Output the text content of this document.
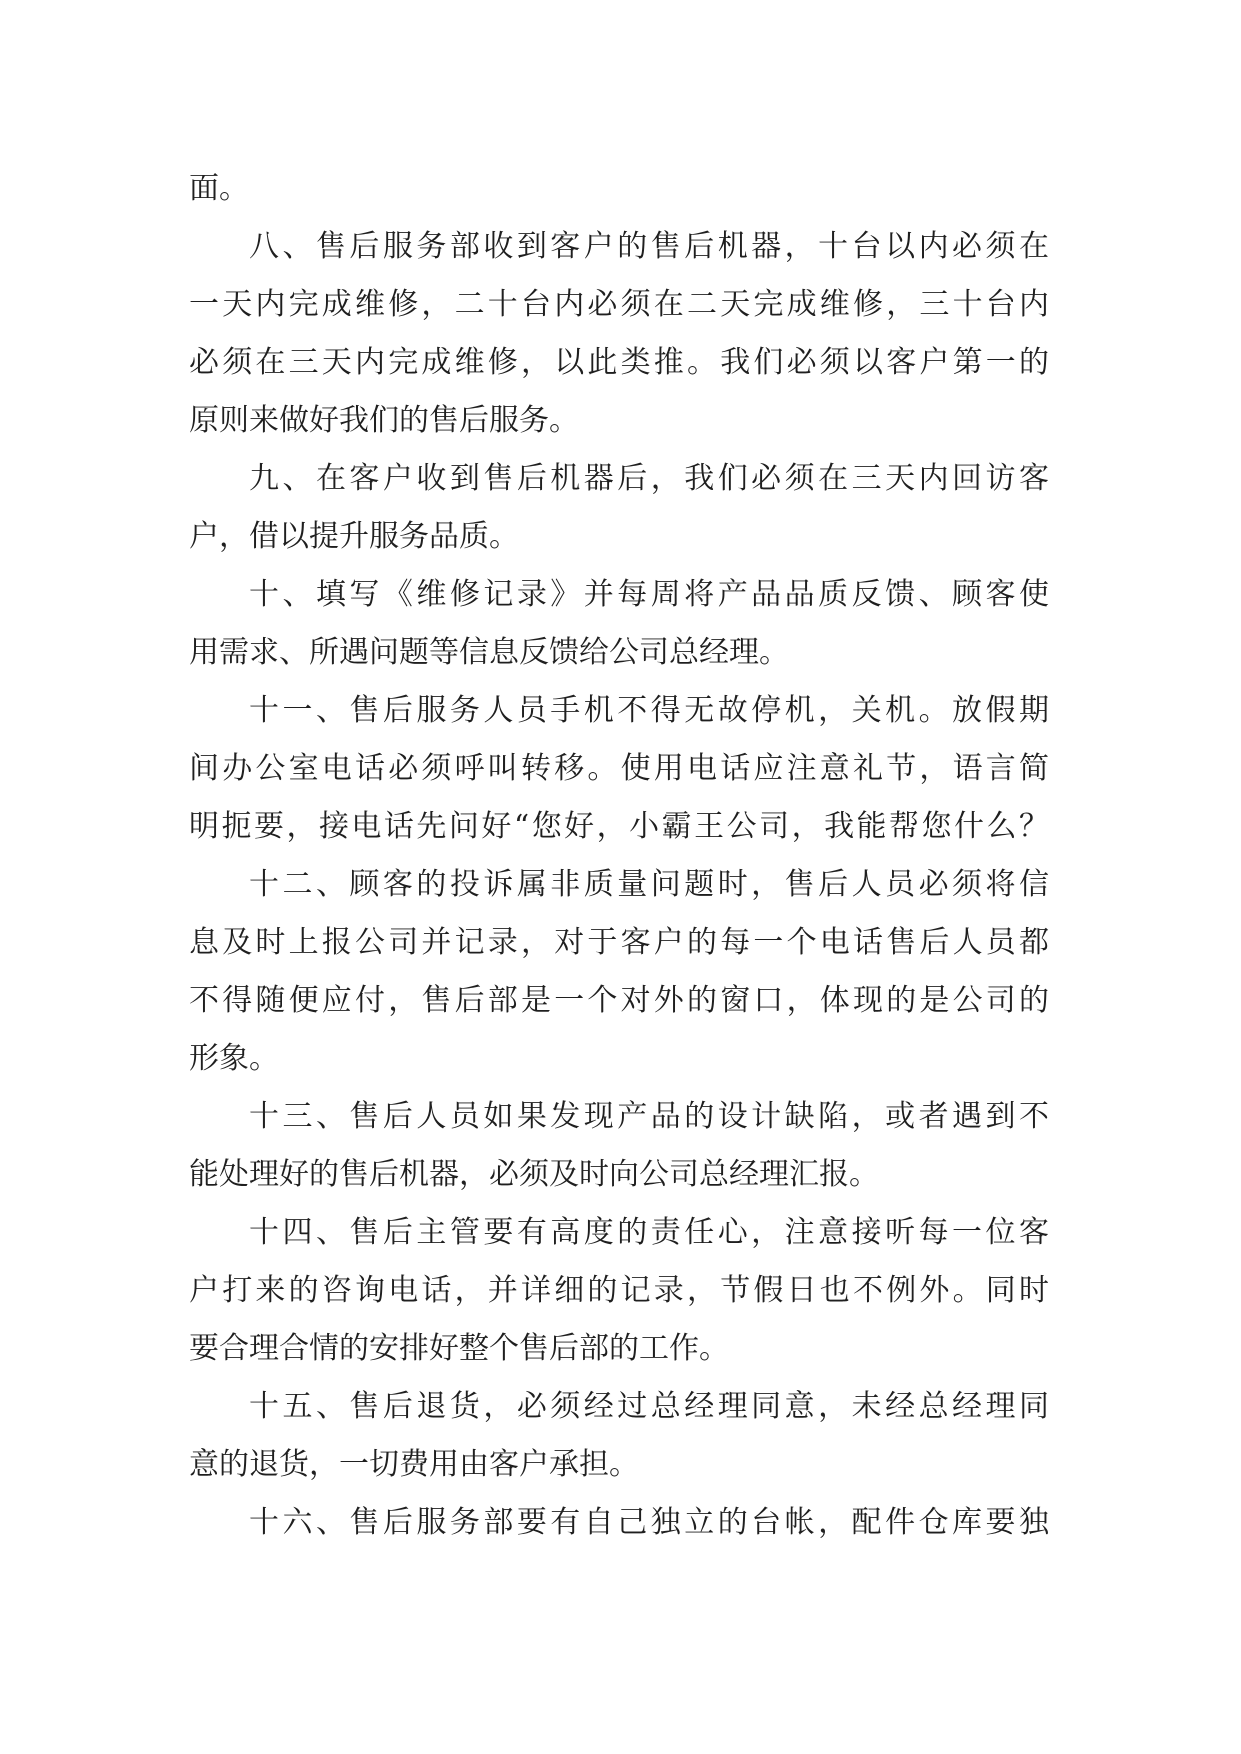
面。
八、售后服务部收到客户的售后机器，十台以内必须在
一天内完成维修，二十台内必须在二天完成维修，三十台内
必须在三天内完成维修，以此类推。我们必须以客户第一的
原则来做好我们的售后服务。
九、在客户收到售后机器后，我们必须在三天内回访客
户，借以提升服务品质。
十、填写《维修记录》并每周将产品品质反馈、顾客使
用需求、所遇问题等信息反馈给公司总经理。
十一、售后服务人员手机不得无故停机，关机。放假期
间办公室电话必须呼叫转移。使用电话应注意礼节，语言简
明扼要，接电话先问好“您好，小霸王公司，我能帮您什么？
十二、顾客的投诉属非质量问题时，售后人员必须将信
息及时上报公司并记录，对于客户的每一个电话售后人员都
不得随便应付，售后部是一个对外的窗口，体现的是公司的
形象。
十三、售后人员如果发现产品的设计缺陷，或者遇到不
能处理好的售后机器，必须及时向公司总经理汇报。
十四、售后主管要有高度的责任心，注意接听每一位客
户打来的咨询电话，并详细的记录，节假日也不例外。同时
要合理合情的安排好整个售后部的工作。
十五、售后退货，必须经过总经理同意，未经总经理同
意的退货，一切费用由客户承担。
十六、售后服务部要有自己独立的台帐，配件仓库要独
